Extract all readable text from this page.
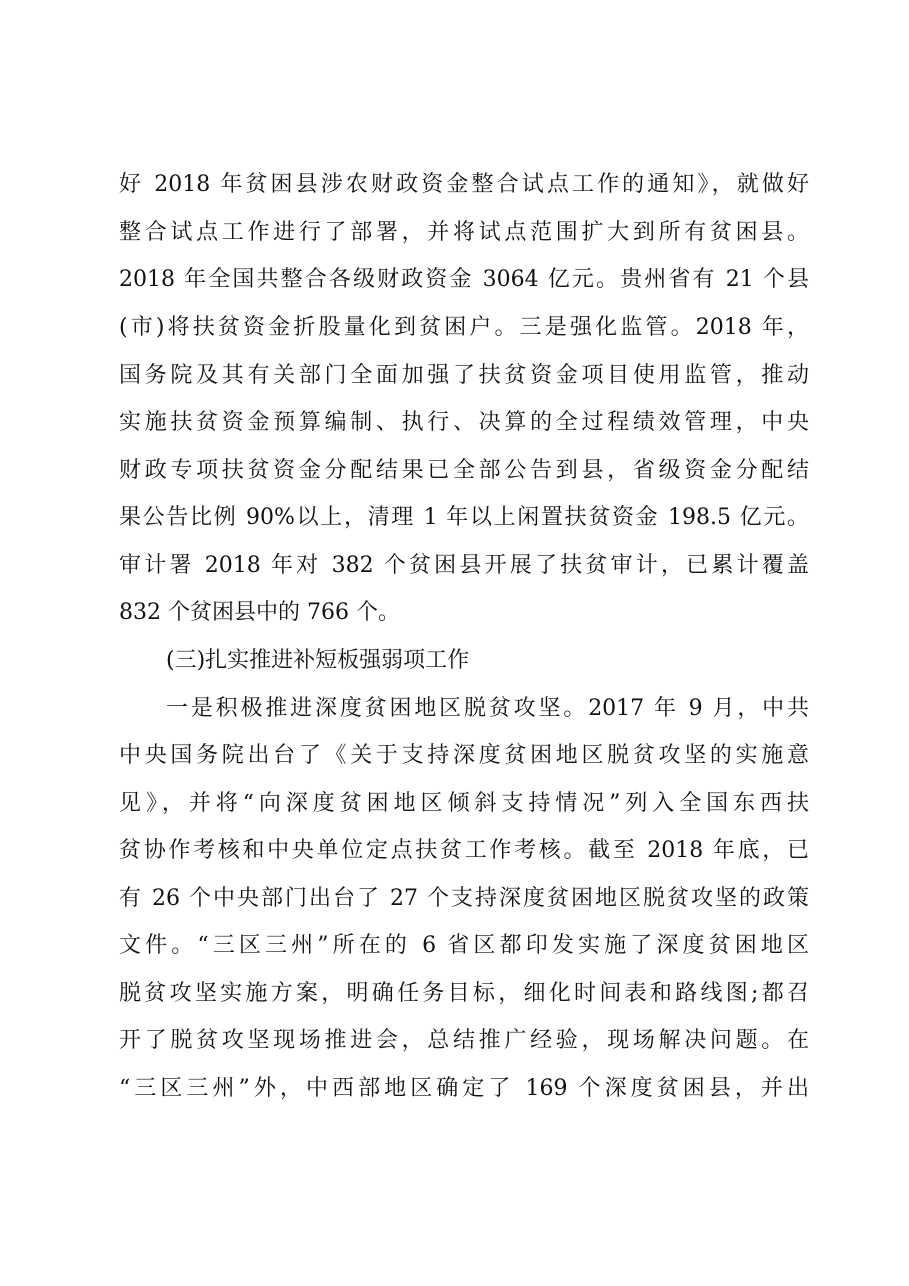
好 2018 年贫困县涉农财政资金整合试点工作的通知》，就做好
整合试点工作进行了部署，并将试点范围扩大到所有贫困县。
2018 年全国共整合各级财政资金 3064 亿元。贵州省有 21 个县
(市)将扶贫资金折股量化到贫困户。三是强化监管。2018 年，
国务院及其有关部门全面加强了扶贫资金项目使用监管，推动
实施扶贫资金预算编制、执行、决算的全过程绩效管理，中央
财政专项扶贫资金分配结果已全部公告到县，省级资金分配结
果公告比例 90%以上，清理 1 年以上闲置扶贫资金 198.5 亿元。
审计署 2018 年对 382 个贫困县开展了扶贫审计，已累计覆盖
832 个贫困县中的 766 个。
(三)扎实推进补短板强弱项工作
一是积极推进深度贫困地区脱贫攻坚。2017 年 9 月，中共
中央国务院出台了《关于支持深度贫困地区脱贫攻坚的实施意
见》，并将“向深度贫困地区倾斜支持情况”列入全国东西扶
贫协作考核和中央单位定点扶贫工作考核。截至 2018 年底，已
有 26 个中央部门出台了 27 个支持深度贫困地区脱贫攻坚的政策
文件。“三区三州”所在的 6 省区都印发实施了深度贫困地区
脱贫攻坚实施方案，明确任务目标，细化时间表和路线图;都召
开了脱贫攻坚现场推进会，总结推广经验，现场解决问题。在
“三区三州”外，中西部地区确定了 169 个深度贫困县，并出
